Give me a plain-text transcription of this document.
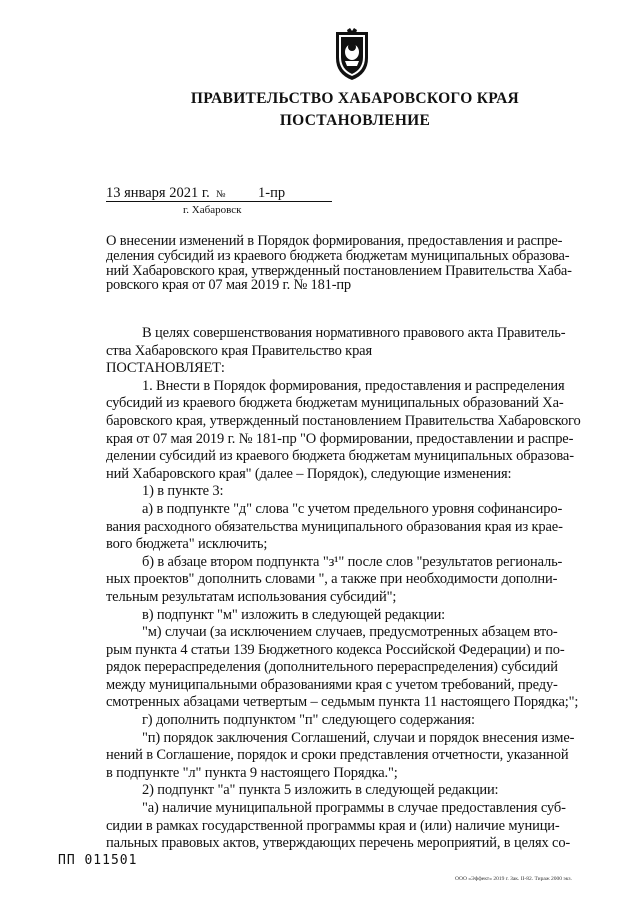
ПРАВИТЕЛЬСТВО ХАБАРОВСКОГО КРАЯ
ПОСТАНОВЛЕНИЕ
13 января 2021 г. № 1-пр
г. Хабаровск
О внесении изменений в Порядок формирования, предоставления и распре-
деления субсидий из краевого бюджета бюджетам муниципальных образова-
ний Хабаровского края, утвержденный постановлением Правительства Хаба-
ровского края от 07 мая 2019 г. № 181-пр
В целях совершенствования нормативного правового акта Правитель-
ства Хабаровского края Правительство края
ПОСТАНОВЛЯЕТ:
1. Внести в Порядок формирования, предоставления и распределения
субсидий из краевого бюджета бюджетам муниципальных образований Ха-
баровского края, утвержденный постановлением Правительства Хабаровского
края от 07 мая 2019 г. № 181-пр "О формировании, предоставлении и распре-
делении субсидий из краевого бюджета бюджетам муниципальных образова-
ний Хабаровского края" (далее – Порядок), следующие изменения:
1) в пункте 3:
а) в подпункте "д" слова "с учетом предельного уровня софинансиро-
вания расходного обязательства муниципального образования края из крае-
вого бюджета" исключить;
б) в абзаце втором подпункта "з¹" после слов "результатов региональ-
ных проектов" дополнить словами ", а также при необходимости дополни-
тельным результатам использования субсидий";
в) подпункт "м" изложить в следующей редакции:
"м) случаи (за исключением случаев, предусмотренных абзацем вто-
рым пункта 4 статьи 139 Бюджетного кодекса Российской Федерации) и по-
рядок перераспределения (дополнительного перераспределения) субсидий
между муниципальными образованиями края с учетом требований, преду-
смотренных абзацами четвертым – седьмым пункта 11 настоящего Порядка;";
г) дополнить подпунктом "п" следующего содержания:
"п) порядок заключения Соглашений, случаи и порядок внесения изме-
нений в Соглашение, порядок и сроки представления отчетности, указанной
в подпункте "л" пункта 9 настоящего Порядка.";
2) подпункт "а" пункта 5 изложить в следующей редакции:
"а) наличие муниципальной программы в случае предоставления суб-
сидии в рамках государственной программы края и (или) наличие муници-
пальных правовых актов, утверждающих перечень мероприятий, в целях со-
ПП 011501
ООО «Эффект» 2019 г. Зак. II-82. Тираж 2000 экз.
